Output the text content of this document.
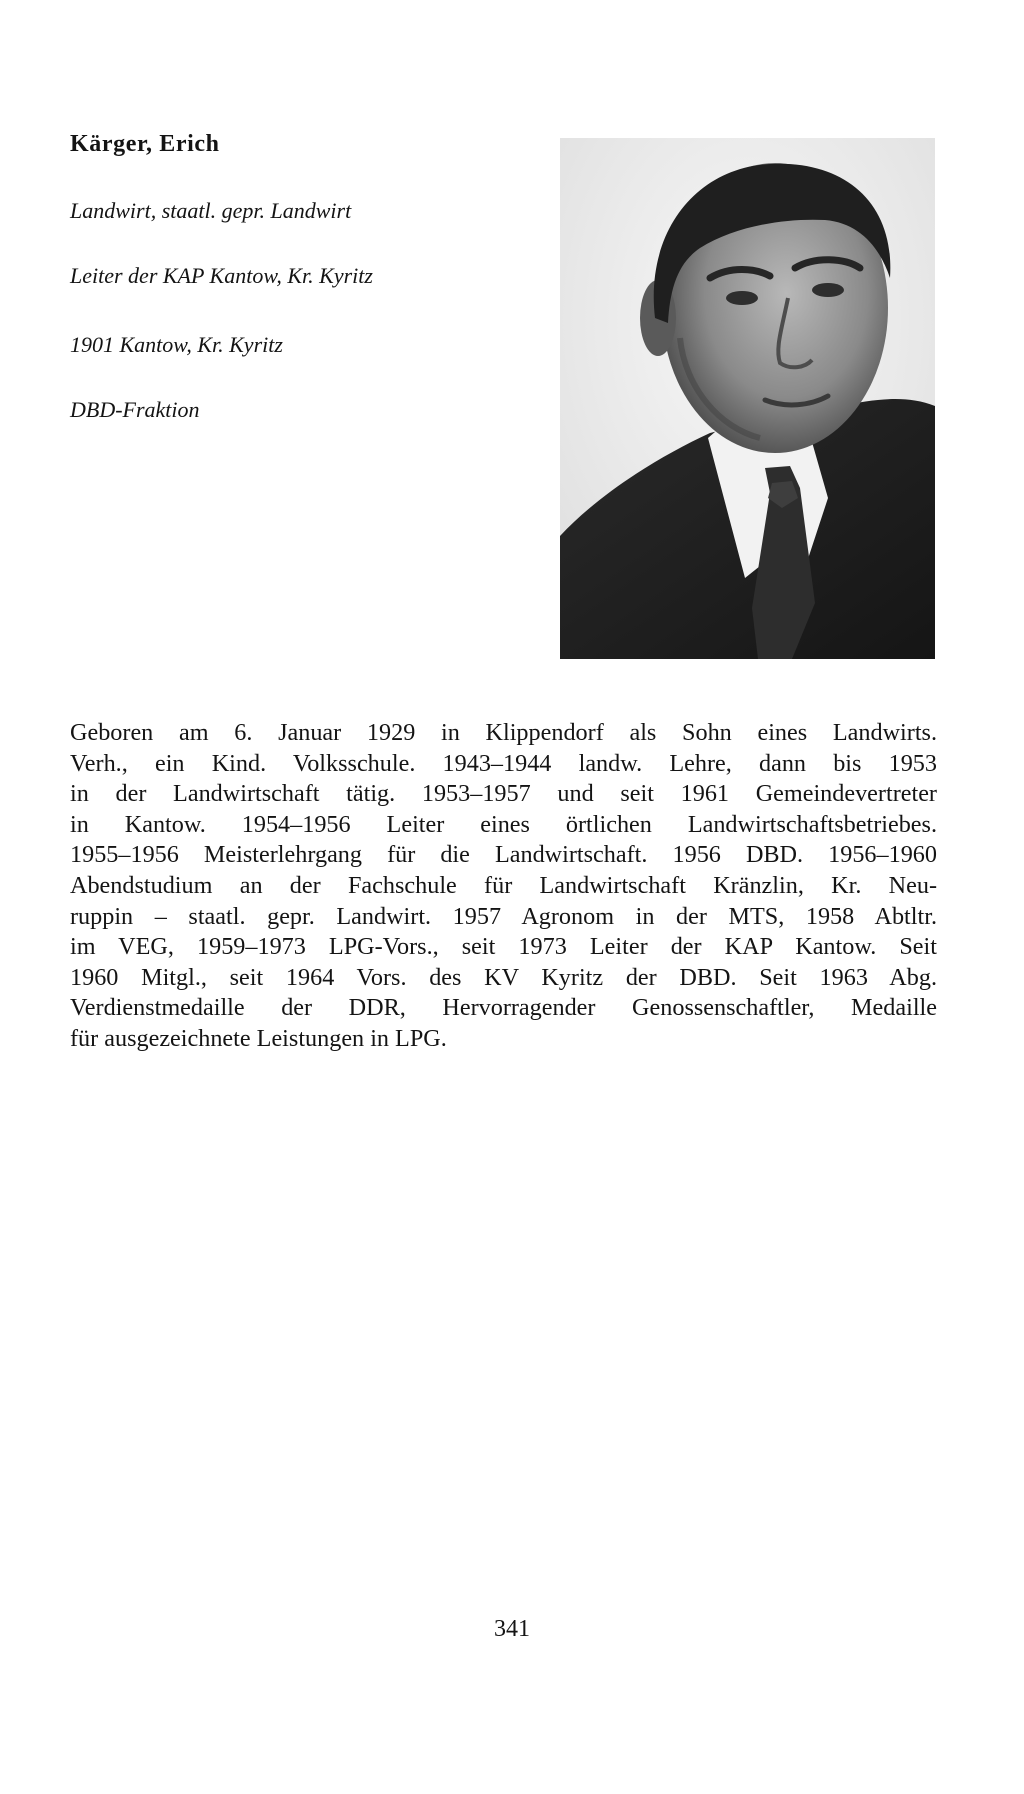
Kärger, Erich
Landwirt, staatl. gepr. Landwirt
Leiter der KAP Kantow, Kr. Kyritz
1901 Kantow, Kr. Kyritz
DBD-Fraktion

Geboren am 6. Januar 1929 in Klippendorf als Sohn eines Landwirts.
Verh., ein Kind. Volksschule. 1943–1944 landw. Lehre, dann bis 1953
in der Landwirtschaft tätig. 1953–1957 und seit 1961 Gemeindevertreter
in Kantow. 1954–1956 Leiter eines örtlichen Landwirtschaftsbetriebes.
1955–1956 Meisterlehrgang für die Landwirtschaft. 1956 DBD. 1956–1960
Abendstudium an der Fachschule für Landwirtschaft Kränzlin, Kr. Neu-
ruppin – staatl. gepr. Landwirt. 1957 Agronom in der MTS, 1958 Abtltr.
im VEG, 1959–1973 LPG-Vors., seit 1973 Leiter der KAP Kantow. Seit
1960 Mitgl., seit 1964 Vors. des KV Kyritz der DBD. Seit 1963 Abg.
Verdienstmedaille der DDR, Hervorragender Genossenschaftler, Medaille
für ausgezeichnete Leistungen in LPG.

341
